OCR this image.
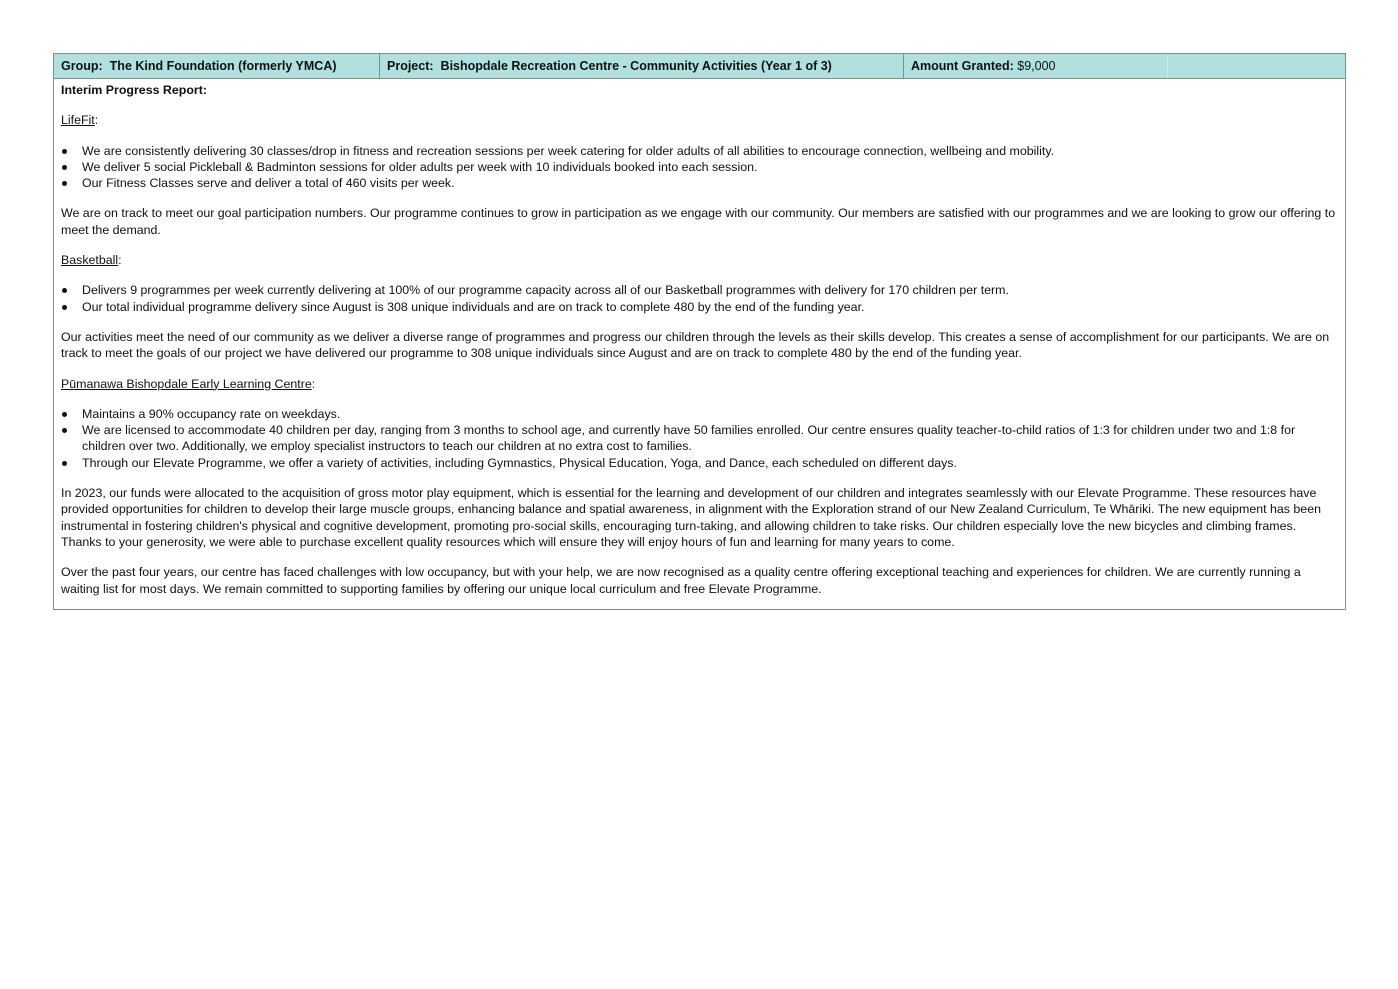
Group: The Kind Foundation (formerly YMCA)	Project: Bishopdale Recreation Centre - Community Activities (Year 1 of 3)	Amount Granted: $9,000

Interim Progress Report:

LifeFit:

We are consistently delivering 30 classes/drop in fitness and recreation sessions per week catering for older adults of all abilities to encourage connection, wellbeing and mobility.
We deliver 5 social Pickleball & Badminton sessions for older adults per week with 10 individuals booked into each session.
Our Fitness Classes serve and deliver a total of 460 visits per week.

We are on track to meet our goal participation numbers. Our programme continues to grow in participation as we engage with our community. Our members are satisfied with our programmes and we are looking to grow our offering to meet the demand.

Basketball:

Delivers 9 programmes per week currently delivering at 100% of our programme capacity across all of our Basketball programmes with delivery for 170 children per term.
Our total individual programme delivery since August is 308 unique individuals and are on track to complete 480 by the end of the funding year.

Our activities meet the need of our community as we deliver a diverse range of programmes and progress our children through the levels as their skills develop. This creates a sense of accomplishment for our participants. We are on track to meet the goals of our project we have delivered our programme to 308 unique individuals since August and are on track to complete 480 by the end of the funding year.

Pūmanawa Bishopdale Early Learning Centre:

Maintains a 90% occupancy rate on weekdays.
We are licensed to accommodate 40 children per day, ranging from 3 months to school age, and currently have 50 families enrolled. Our centre ensures quality teacher-to-child ratios of 1:3 for children under two and 1:8 for children over two. Additionally, we employ specialist instructors to teach our children at no extra cost to families.
Through our Elevate Programme, we offer a variety of activities, including Gymnastics, Physical Education, Yoga, and Dance, each scheduled on different days.

In 2023, our funds were allocated to the acquisition of gross motor play equipment, which is essential for the learning and development of our children and integrates seamlessly with our Elevate Programme. These resources have provided opportunities for children to develop their large muscle groups, enhancing balance and spatial awareness, in alignment with the Exploration strand of our New Zealand Curriculum, Te Whāriki. The new equipment has been instrumental in fostering children's physical and cognitive development, promoting pro-social skills, encouraging turn-taking, and allowing children to take risks. Our children especially love the new bicycles and climbing frames. Thanks to your generosity, we were able to purchase excellent quality resources which will ensure they will enjoy hours of fun and learning for many years to come.

Over the past four years, our centre has faced challenges with low occupancy, but with your help, we are now recognised as a quality centre offering exceptional teaching and experiences for children. We are currently running a waiting list for most days. We remain committed to supporting families by offering our unique local curriculum and free Elevate Programme.
